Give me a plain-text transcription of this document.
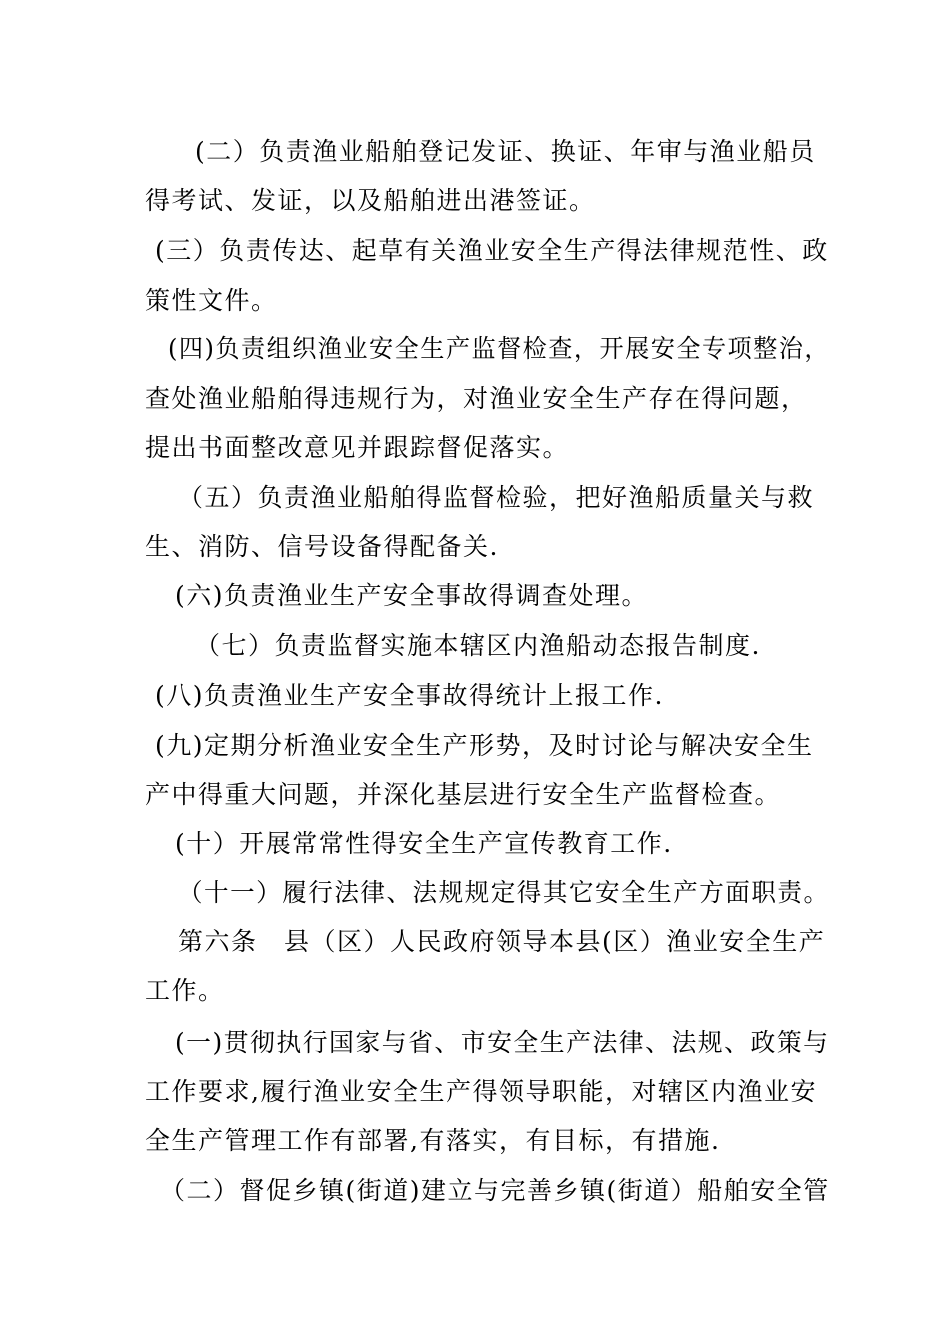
(二）负责渔业船舶登记发证、换证、年审与渔业船员
得考试、发证，以及船舶进出港签证。
(三）负责传达、起草有关渔业安全生产得法律规范性、政
策性文件。
(四)负责组织渔业安全生产监督检查，开展安全专项整治，
查处渔业船舶得违规行为，对渔业安全生产存在得问题，
提出书面整改意见并跟踪督促落实。
（五）负责渔业船舶得监督检验，把好渔船质量关与救
生、消防、信号设备得配备关.
(六)负责渔业生产安全事故得调查处理。
（七）负责监督实施本辖区内渔船动态报告制度.
(八)负责渔业生产安全事故得统计上报工作.
(九)定期分析渔业安全生产形势，及时讨论与解决安全生
产中得重大问题，并深化基层进行安全生产监督检查。
(十）开展常常性得安全生产宣传教育工作.
（十一）履行法律、法规规定得其它安全生产方面职责。
第六条　县（区）人民政府领导本县(区）渔业安全生产
工作。
(一)贯彻执行国家与省、市安全生产法律、法规、政策与
工作要求,履行渔业安全生产得领导职能，对辖区内渔业安
全生产管理工作有部署,有落实，有目标，有措施.
（二）督促乡镇(街道)建立与完善乡镇(街道）船舶安全管
